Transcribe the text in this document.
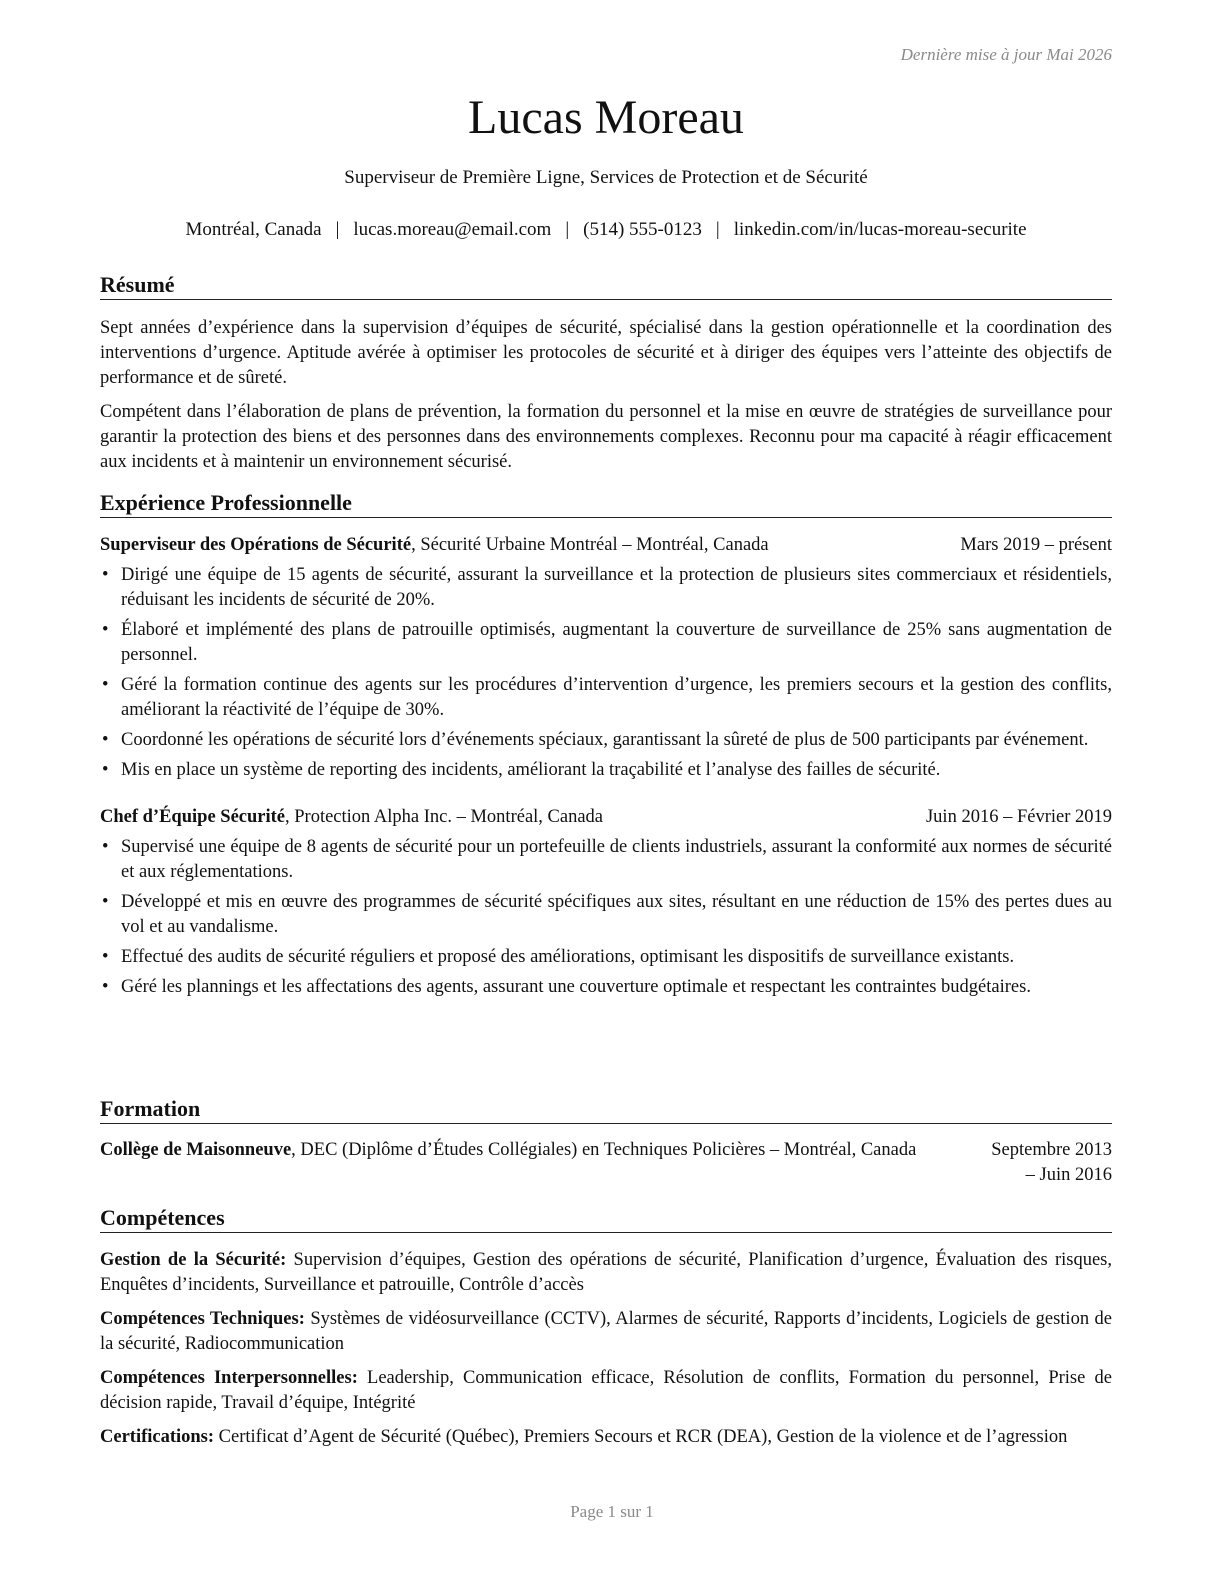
Dernière mise à jour Mai 2026
Lucas Moreau
Superviseur de Première Ligne, Services de Protection et de Sécurité
Montréal, Canada | lucas.moreau@email.com | (514) 555-0123 | linkedin.com/in/lucas-moreau-securite
Résumé

Sept années d’expérience dans la supervision d’équipes de sécurité, spécialisé dans la gestion opérationnelle et la coordination des interventions d’urgence. Aptitude avérée à optimiser les protocoles de sécurité et à diriger des équipes vers l’atteinte des objectifs de performance et de sûreté.

Compétent dans l’élaboration de plans de prévention, la formation du personnel et la mise en œuvre de stratégies de surveillance pour garantir la protection des biens et des personnes dans des environnements complexes. Reconnu pour ma capacité à réagir efficacement aux incidents et à maintenir un environnement sécurisé.

Expérience Professionnelle
Superviseur des Opérations de Sécurité, Sécurité Urbaine Montréal – Montréal, Canada	Mars 2019 – présent
• Dirigé une équipe de 15 agents de sécurité, assurant la surveillance et la protection de plusieurs sites commerciaux et résidentiels, réduisant les incidents de sécurité de 20%.
• Élaboré et implémenté des plans de patrouille optimisés, augmentant la couverture de surveillance de 25% sans augmentation de personnel.
• Géré la formation continue des agents sur les procédures d’intervention d’urgence, les premiers secours et la gestion des conflits, améliorant la réactivité de l’équipe de 30%.
• Coordonné les opérations de sécurité lors d’événements spéciaux, garantissant la sûreté de plus de 500 participants par événement.
• Mis en place un système de reporting des incidents, améliorant la traçabilité et l’analyse des failles de sécurité.
Chef d’Équipe Sécurité, Protection Alpha Inc. – Montréal, Canada	Juin 2016 – Février 2019
• Supervisé une équipe de 8 agents de sécurité pour un portefeuille de clients industriels, assurant la conformité aux normes de sécurité et aux réglementations.
• Développé et mis en œuvre des programmes de sécurité spécifiques aux sites, résultant en une réduction de 15% des pertes dues au vol et au vandalisme.
• Effectué des audits de sécurité réguliers et proposé des améliorations, optimisant les dispositifs de surveillance existants.
• Géré les plannings et les affectations des agents, assurant une couverture optimale et respectant les contraintes budgétaires.
Formation
Collège de Maisonneuve, DEC (Diplôme d’Études Collégiales) en Techniques Policières – Montréal, Canada	Septembre 2013 – Juin 2016
Compétences

Gestion de la Sécurité: Supervision d’équipes, Gestion des opérations de sécurité, Planification d’urgence, Évaluation des risques, Enquêtes d’incidents, Surveillance et patrouille, Contrôle d’accès

Compétences Techniques: Systèmes de vidéosurveillance (CCTV), Alarmes de sécurité, Rapports d’incidents, Logiciels de gestion de la sécurité, Radiocommunication

Compétences Interpersonnelles: Leadership, Communication efficace, Résolution de conflits, Formation du personnel, Prise de décision rapide, Travail d’équipe, Intégrité

Certifications: Certificat d’Agent de Sécurité (Québec), Premiers Secours et RCR (DEA), Gestion de la violence et de l’agression

Page 1 sur 1
